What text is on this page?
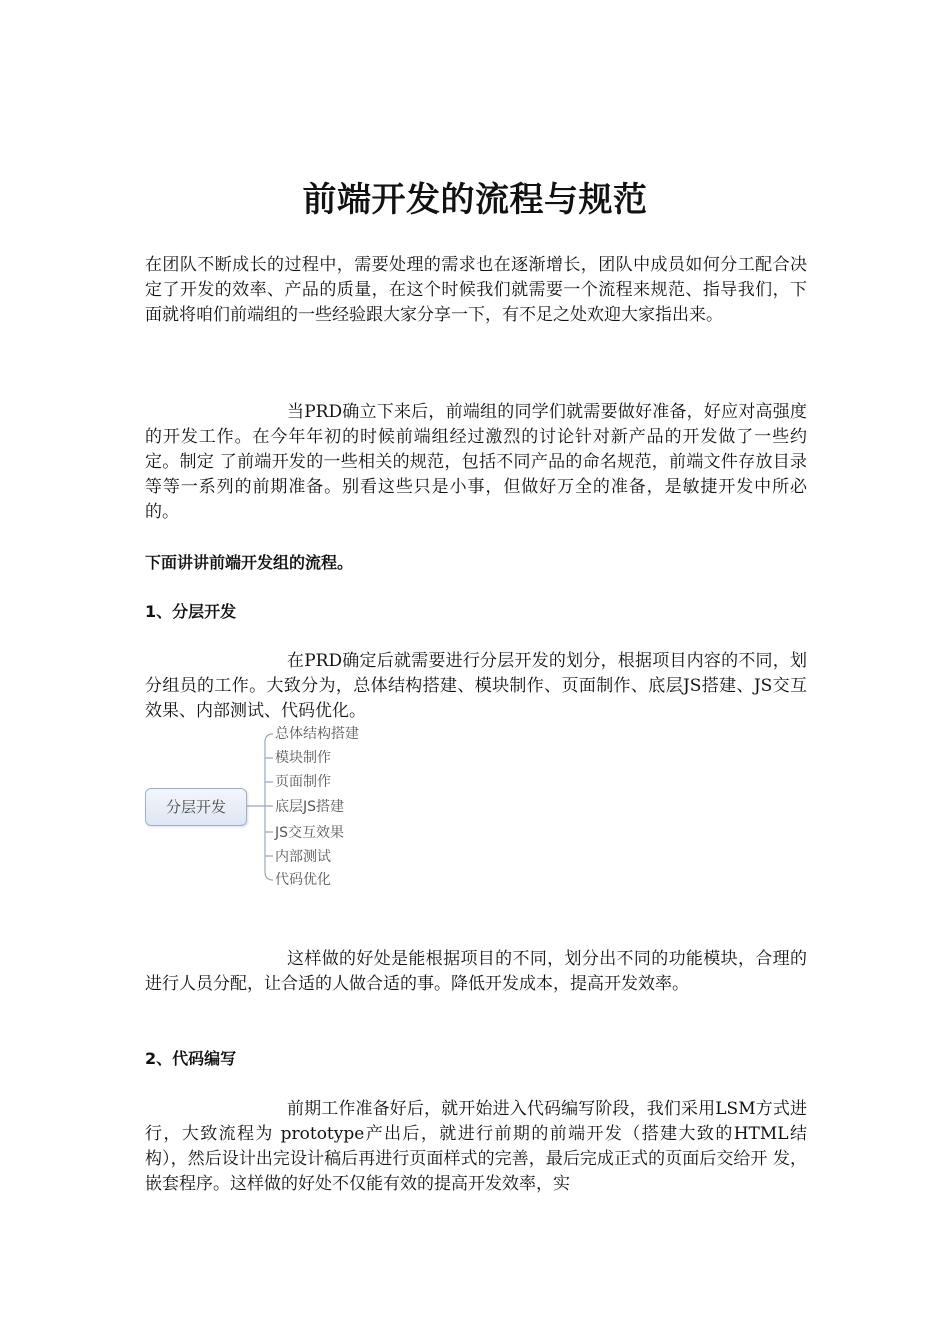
前端开发的流程与规范

在团队不断成长的过程中，需要处理的需求也在逐渐增长，团队中成员如何分工配合决定了开发的效率、产品的质量，在这个时候我们就需要一个流程来规范、指导我们，下面就将咱们前端组的一些经验跟大家分享一下，有不足之处欢迎大家指出来。

当PRD确立下来后，前端组的同学们就需要做好准备，好应对高强度的开发工作。在今年年初的时候前端组经过激烈的讨论针对新产品的开发做了一些约定。制定 了前端开发的一些相关的规范，包括不同产品的命名规范，前端文件存放目录等等一系列的前期准备。别看这些只是小事，但做好万全的准备，是敏捷开发中所必 的。

下面讲讲前端开发组的流程。
1、分层开发

在PRD确定后就需要进行分层开发的划分，根据项目内容的不同，划分组员的工作。大致分为，总体结构搭建、模块制作、页面制作、底层JS搭建、JS交互效果、内部测试、代码优化。

分层开发
总体结构搭建
模块制作
页面制作
底层JS搭建
JS交互效果
内部测试
代码优化

这样做的好处是能根据项目的不同，划分出不同的功能模块，合理的进行人员分配，让合适的人做合适的事。降低开发成本，提高开发效率。

2、代码编写

前期工作准备好后，就开始进入代码编写阶段，我们采用LSM方式进行，大致流程为 prototype产出后，就进行前期的前端开发（搭建大致的HTML结构），然后设计出完设计稿后再进行页面样式的完善，最后完成正式的页面后交给开 发，嵌套程序。这样做的好处不仅能有效的提高开发效率，实
